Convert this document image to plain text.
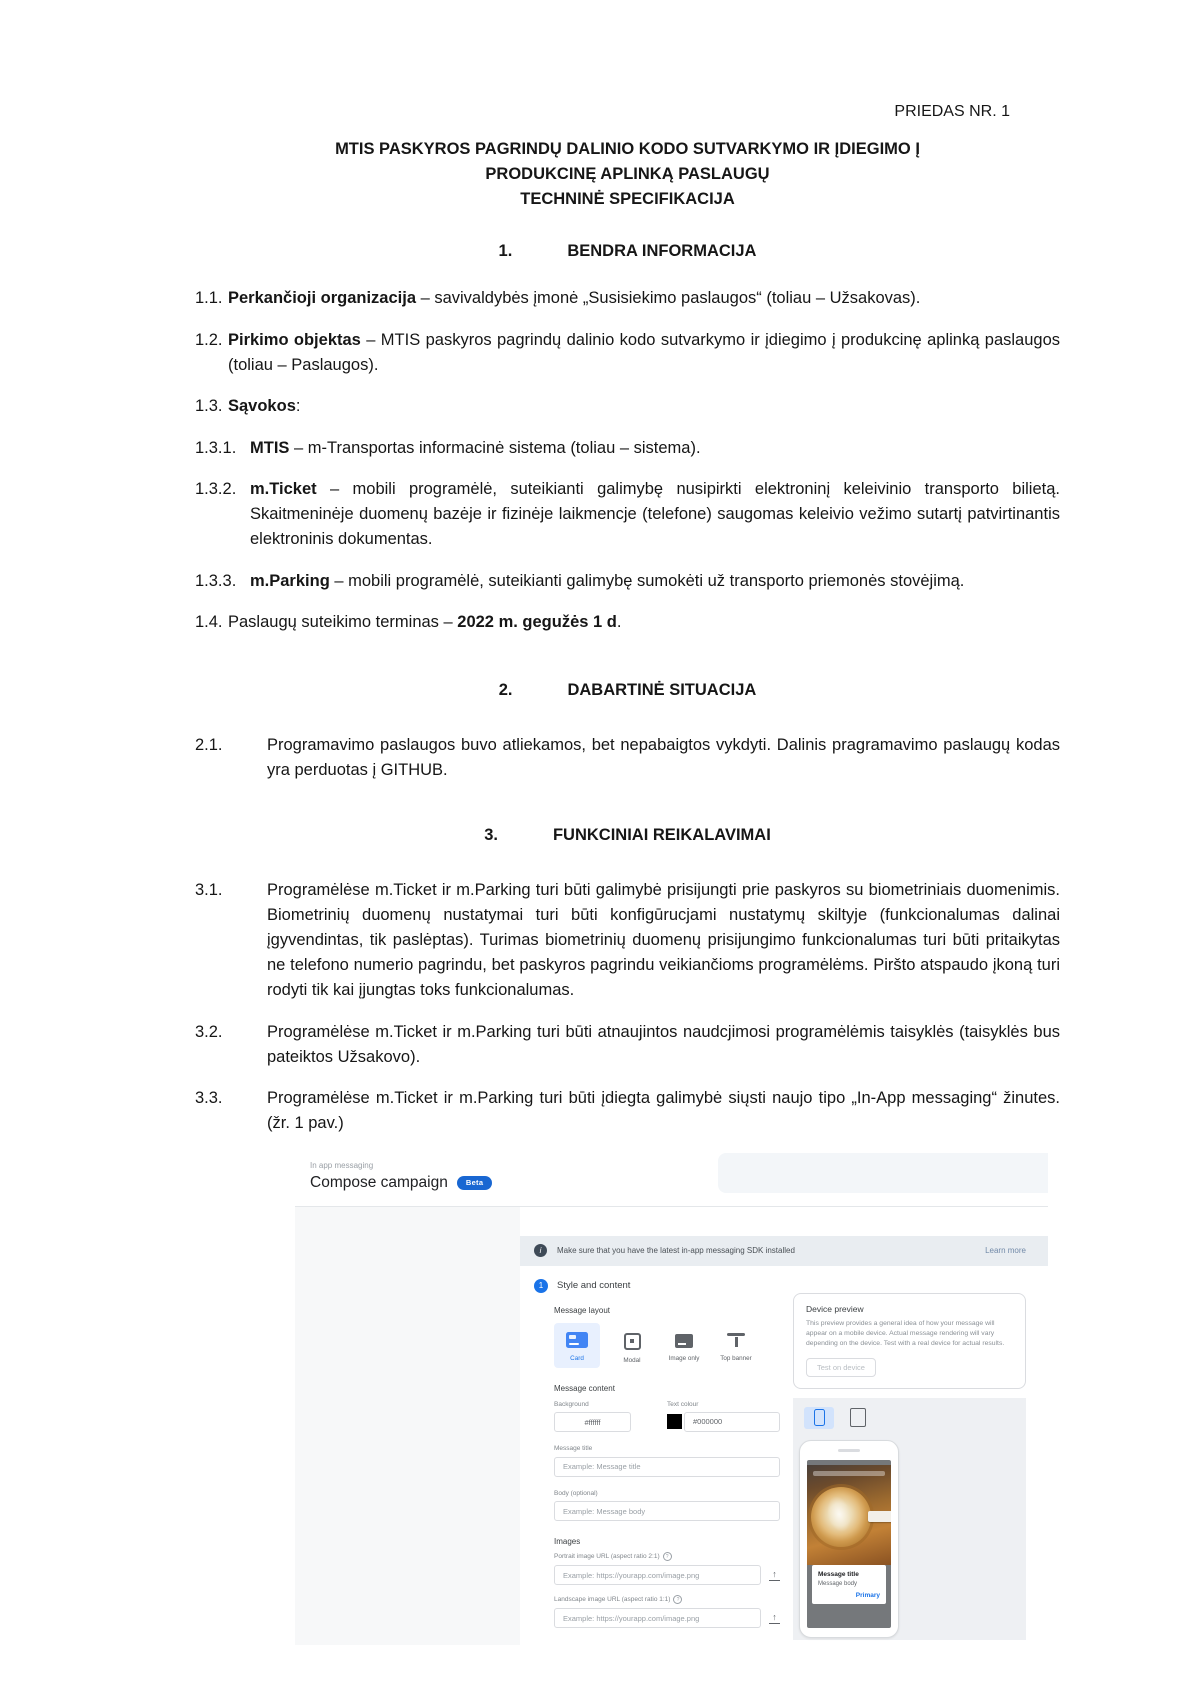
PRIEDAS NR. 1
MTIS PASKYROS PAGRINDŲ DALINIO KODO SUTVARKYMO IR ĮDIEGIMO Į
PRODUKCINĘ APLINKĄ PASLAUGŲ
TECHNINĖ SPECIFIKACIJA
1.	BENDRA INFORMACIJA

1.1. Perkančioji organizacija – savivaldybės įmonė „Susisiekimo paslaugos“ (toliau – Užsakovas).

1.2. Pirkimo objektas – MTIS paskyros pagrindų dalinio kodo sutvarkymo ir įdiegimo į produkcinę aplinką paslaugos (toliau – Paslaugos).

1.3. Sąvokos:

1.3.1. MTIS – m-Transportas informacinė sistema (toliau – sistema).

1.3.2. m.Ticket – mobili programėlė, suteikianti galimybę nusipirkti elektroninį keleivinio transporto bilietą. Skaitmeninėje duomenų bazėje ir fizinėje laikmencje (telefone) saugomas keleivio vežimo sutartį patvirtinantis elektroninis dokumentas.

1.3.3. m.Parking – mobili programėlė, suteikianti galimybę sumokėti už transporto priemonės stovėjimą.

1.4. Paslaugų suteikimo terminas – 2022 m. gegužės 1 d.

2.	DABARTINĖ SITUACIJA

2.1.	Programavimo paslaugos buvo atliekamos, bet nepabaigtos vykdyti. Dalinis pragramavimo paslaugų kodas yra perduotas į GITHUB.

3.	FUNKCINIAI REIKALAVIMAI

3.1.	Programėlėse m.Ticket ir m.Parking turi būti galimybė prisijungti prie paskyros su biometriniais duomenimis. Biometrinių duomenų nustatymai turi būti konfigūrucjami nustatymų skiltyje (funkcionalumas dalinai įgyvendintas, tik paslėptas). Turimas biometrinių duomenų prisijungimo funkcionalumas turi būti pritaikytas ne telefono numerio pagrindu, bet paskyros pagrindu veikiančioms programėlėms. Piršto atspaudo įkoną turi rodyti tik kai įjungtas toks funkcionalumas.

3.2.	Programėlėse m.Ticket ir m.Parking turi būti atnaujintos naudcjimosi programėlėmis taisyklės (taisyklės bus pateiktos Užsakovo).

3.3.	Programėlėse m.Ticket ir m.Parking turi būti įdiegta galimybė siųsti naujo tipo „In-App messaging“ žinutes. (žr. 1 pav.)

In app messaging
Compose campaign	Beta
i	Make sure that you have the latest in-app messaging SDK installed	Learn more
1	Style and content
Message layout
Card	Modal	Image only	Top banner
Message content
Background
#ffffff	Text colour
#000000
Message title
Example: Message title
Body (optional)
Example: Message body
Images
Portrait image URL (aspect ratio 2:1)	?
Example: https://yourapp.com/image.png
↑
Landscape image URL (aspect ratio 1:1)	?
Example: https://yourapp.com/image.png
↑
Device preview
This preview provides a general idea of how your message will appear on a mobile device. Actual message rendering will vary depending on the device. Test with a real device for actual results.
Test on device
Message title
Message body
Primary
